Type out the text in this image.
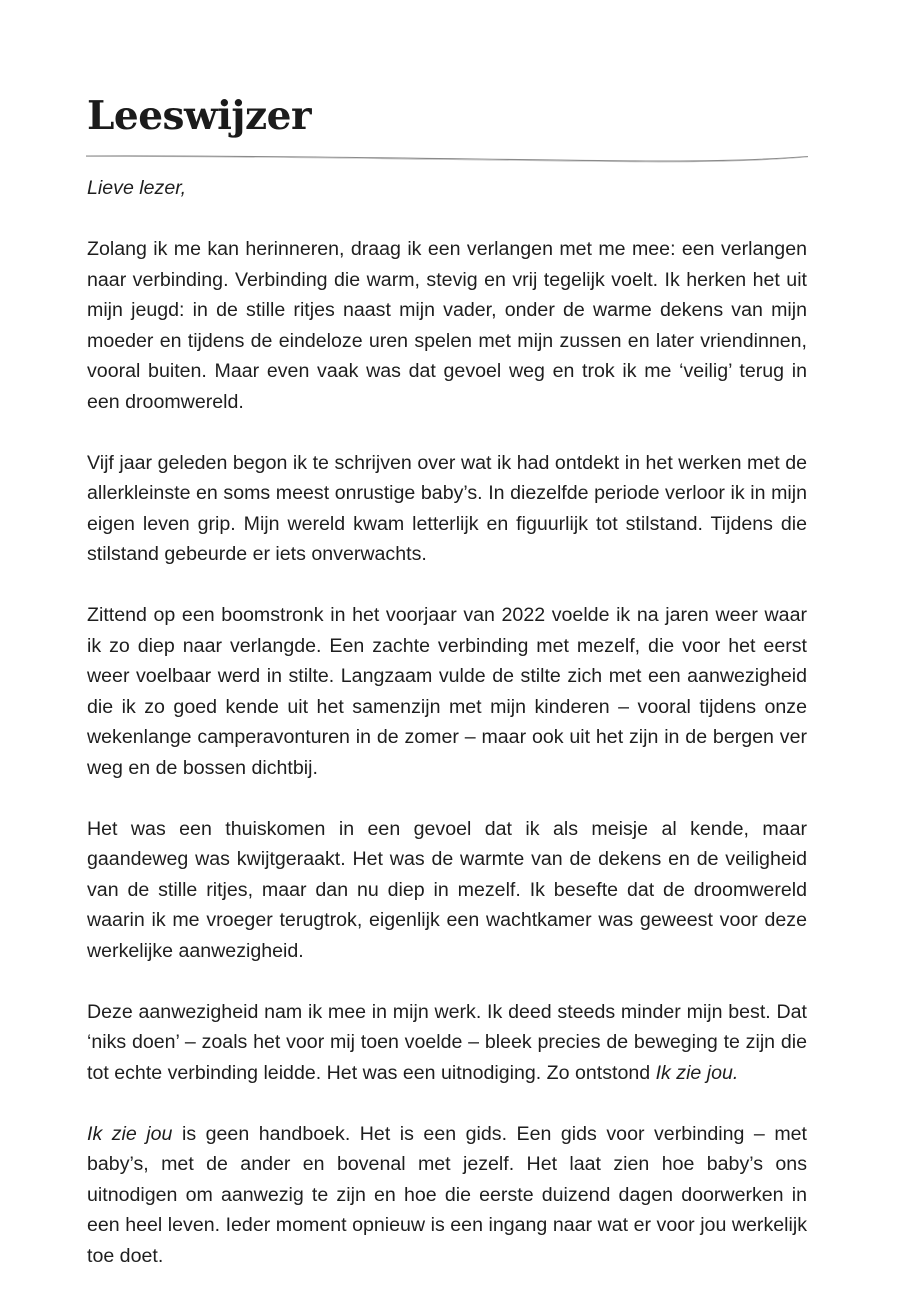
Leeswijzer

Lieve lezer,

Zolang ik me kan herinneren, draag ik een verlangen met me mee: een verlangen naar verbinding. Verbinding die warm, stevig en vrij tegelijk voelt. Ik herken het uit mijn jeugd: in de stille ritjes naast mijn vader, onder de warme dekens van mijn moeder en tijdens de eindeloze uren spelen met mijn zussen en later vriendinnen, vooral buiten. Maar even vaak was dat gevoel weg en trok ik me ‘veilig’ terug in een droomwereld.

Vijf jaar geleden begon ik te schrijven over wat ik had ontdekt in het werken met de allerkleinste en soms meest onrustige baby’s. In diezelfde periode verloor ik in mijn eigen leven grip. Mijn wereld kwam letterlijk en figuurlijk tot stilstand. Tijdens die stilstand gebeurde er iets onverwachts.

Zittend op een boomstronk in het voorjaar van 2022 voelde ik na jaren weer waar ik zo diep naar verlangde. Een zachte verbinding met mezelf, die voor het eerst weer voelbaar werd in stilte. Langzaam vulde de stilte zich met een aanwezigheid die ik zo goed kende uit het samenzijn met mijn kinderen – vooral tijdens onze wekenlange camperavonturen in de zomer – maar ook uit het zijn in de bergen ver weg en de bossen dichtbij.

Het was een thuiskomen in een gevoel dat ik als meisje al kende, maar gaandeweg was kwijtgeraakt. Het was de warmte van de dekens en de veiligheid van de stille ritjes, maar dan nu diep in mezelf. Ik besefte dat de droomwereld waarin ik me vroeger terugtrok, eigenlijk een wachtkamer was geweest voor deze werkelijke aanwezigheid.

Deze aanwezigheid nam ik mee in mijn werk. Ik deed steeds minder mijn best. Dat ‘niks doen’ – zoals het voor mij toen voelde – bleek precies de beweging te zijn die tot echte verbinding leidde. Het was een uitnodiging. Zo ontstond Ik zie jou.

Ik zie jou is geen handboek. Het is een gids. Een gids voor verbinding – met baby’s, met de ander en bovenal met jezelf. Het laat zien hoe baby’s ons uitnodigen om aanwezig te zijn en hoe die eerste duizend dagen doorwerken in een heel leven. Ieder moment opnieuw is een ingang naar wat er voor jou werkelijk toe doet.
